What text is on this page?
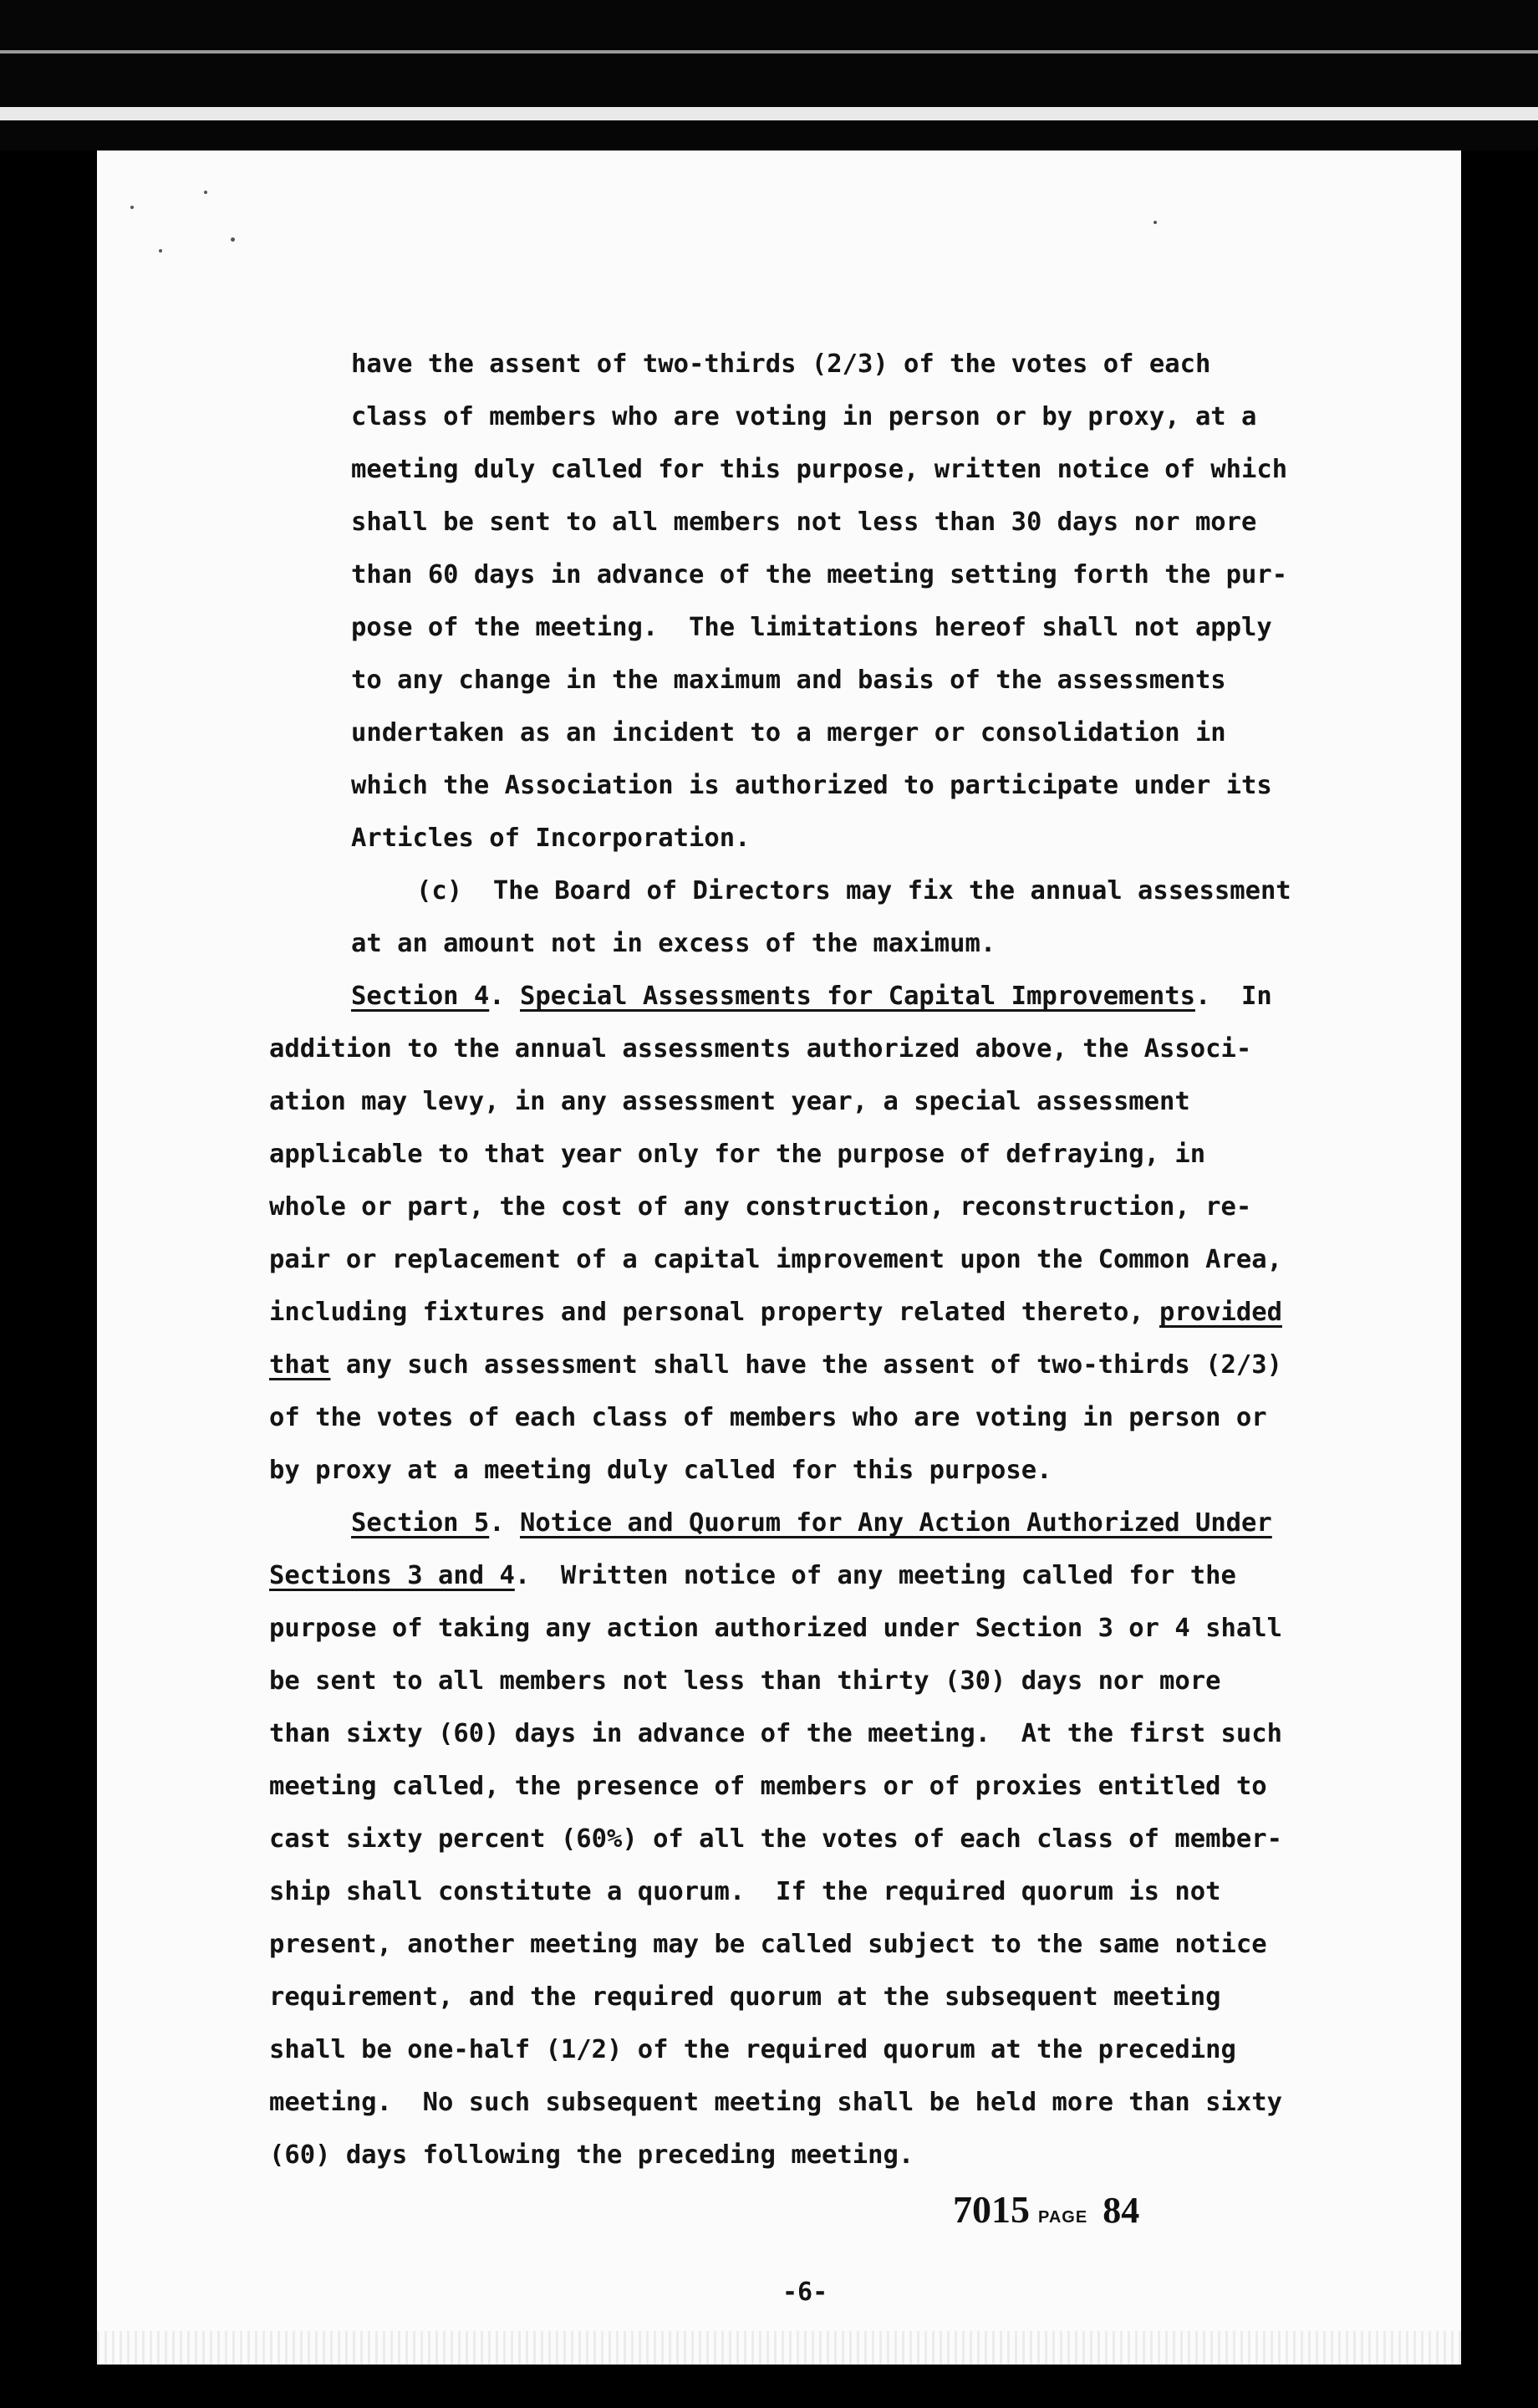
have the assent of two-thirds (2/3) of the votes of each
class of members who are voting in person or by proxy, at a
meeting duly called for this purpose, written notice of which
shall be sent to all members not less than 30 days nor more
than 60 days in advance of the meeting setting forth the pur-
pose of the meeting.  The limitations hereof shall not apply
to any change in the maximum and basis of the assessments
undertaken as an incident to a merger or consolidation in
which the Association is authorized to participate under its
Articles of Incorporation.
(c)  The Board of Directors may fix the annual assessment
at an amount not in excess of the maximum.
Section 4. Special Assessments for Capital Improvements.  In
addition to the annual assessments authorized above, the Associ-
ation may levy, in any assessment year, a special assessment
applicable to that year only for the purpose of defraying, in
whole or part, the cost of any construction, reconstruction, re-
pair or replacement of a capital improvement upon the Common Area,
including fixtures and personal property related thereto, provided
that any such assessment shall have the assent of two-thirds (2/3)
of the votes of each class of members who are voting in person or
by proxy at a meeting duly called for this purpose.
Section 5. Notice and Quorum for Any Action Authorized Under
Sections 3 and 4.  Written notice of any meeting called for the
purpose of taking any action authorized under Section 3 or 4 shall
be sent to all members not less than thirty (30) days nor more
than sixty (60) days in advance of the meeting.  At the first such
meeting called, the presence of members or of proxies entitled to
cast sixty percent (60%) of all the votes of each class of member-
ship shall constitute a quorum.  If the required quorum is not
present, another meeting may be called subject to the same notice
requirement, and the required quorum at the subsequent meeting
shall be one-half (1/2) of the required quorum at the preceding
meeting.  No such subsequent meeting shall be held more than sixty
(60) days following the preceding meeting.
7015 PAGE 84
-6-
